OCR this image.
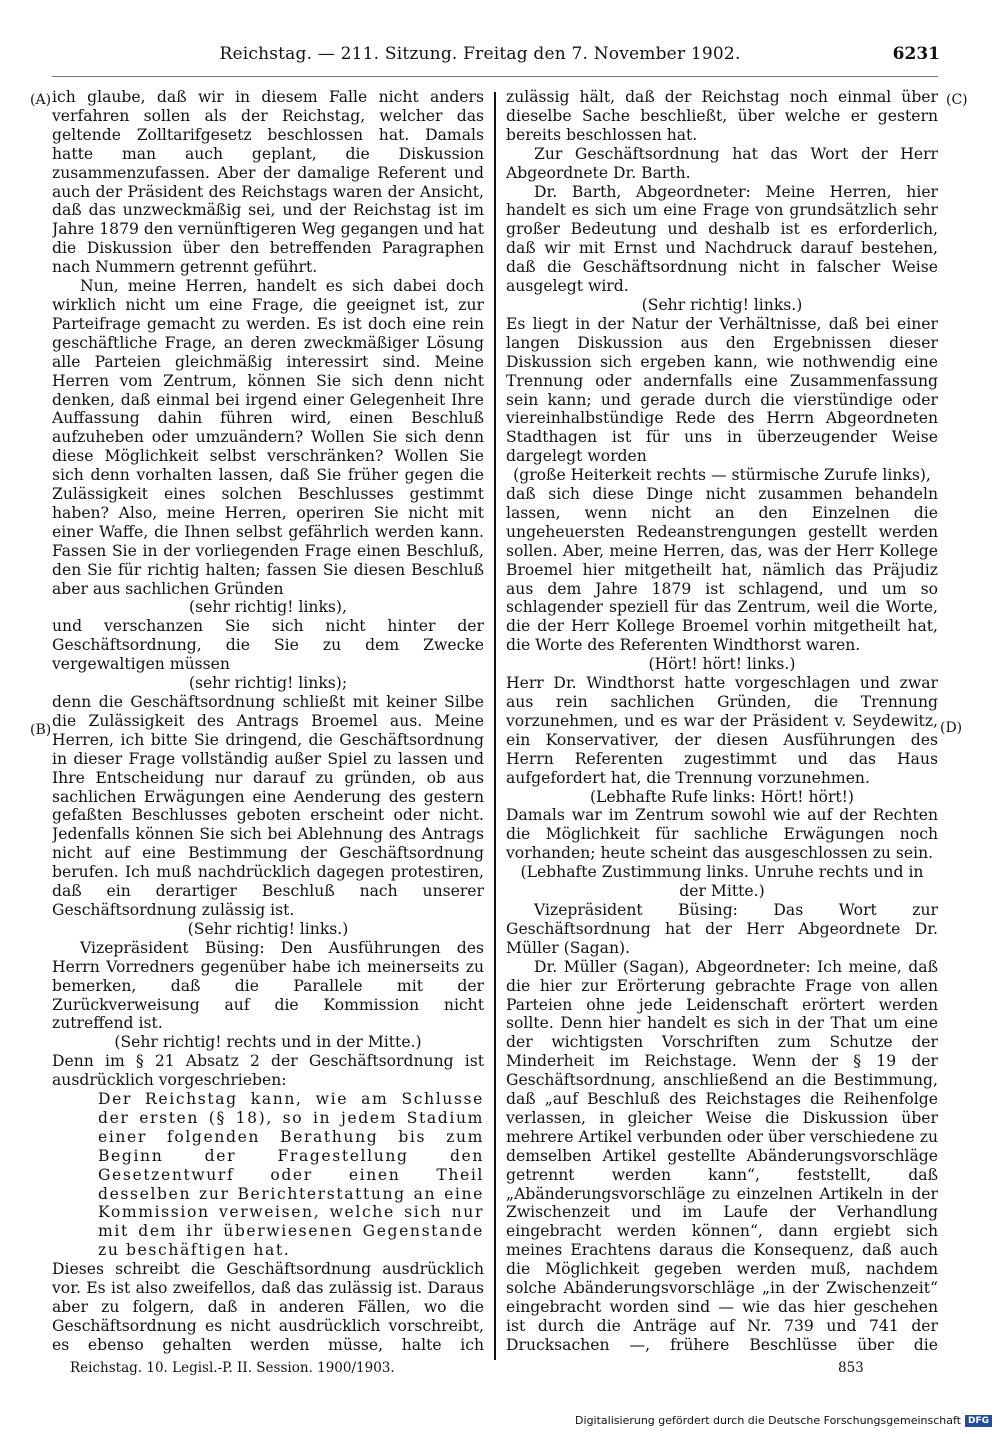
Reichstag. — 211. Sitzung. Freitag den 7. November 1902.	6231
(A)
(B)
(C)
(D)

ich glaube, daß wir in diesem Falle nicht anders verfahren sollen als der Reichstag, welcher das geltende Zolltarifgesetz beschlossen hat. Damals hatte man auch geplant, die Diskussion zusammenzufassen. Aber der damalige Referent und auch der Präsident des Reichstags waren der Ansicht, daß das unzweckmäßig sei, und der Reichstag ist im Jahre 1879 den vernünftigeren Weg gegangen und hat die Diskussion über den betreffenden Paragraphen nach Nummern getrennt geführt.

Nun, meine Herren, handelt es sich dabei doch wirklich nicht um eine Frage, die geeignet ist, zur Parteifrage gemacht zu werden. Es ist doch eine rein geschäftliche Frage, an deren zweckmäßiger Lösung alle Parteien gleichmäßig interessirt sind. Meine Herren vom Zentrum, können Sie sich denn nicht denken, daß einmal bei irgend einer Gelegenheit Ihre Auffassung dahin führen wird, einen Beschluß aufzuheben oder umzuändern? Wollen Sie sich denn diese Möglichkeit selbst verschränken? Wollen Sie sich denn vorhalten lassen, daß Sie früher gegen die Zulässigkeit eines solchen Beschlusses gestimmt haben? Also, meine Herren, operiren Sie nicht mit einer Waffe, die Ihnen selbst gefährlich werden kann. Fassen Sie in der vorliegenden Frage einen Beschluß, den Sie für richtig halten; fassen Sie diesen Beschluß aber aus sachlichen Gründen

(sehr richtig! links),

und verschanzen Sie sich nicht hinter der Geschäftsordnung, die Sie zu dem Zwecke vergewaltigen müssen

(sehr richtig! links);

denn die Geschäftsordnung schließt mit keiner Silbe die Zulässigkeit des Antrags Broemel aus. Meine Herren, ich bitte Sie dringend, die Geschäftsordnung in dieser Frage vollständig außer Spiel zu lassen und Ihre Entscheidung nur darauf zu gründen, ob aus sachlichen Erwägungen eine Aenderung des gestern gefaßten Beschlusses geboten erscheint oder nicht. Jedenfalls können Sie sich bei Ablehnung des Antrags nicht auf eine Bestimmung der Geschäftsordnung berufen. Ich muß nachdrücklich dagegen protestiren, daß ein derartiger Beschluß nach unserer Geschäftsordnung zulässig ist.

(Sehr richtig! links.)

Vizepräsident Büsing: Den Ausführungen des Herrn Vorredners gegenüber habe ich meinerseits zu bemerken, daß die Parallele mit der Zurückverweisung auf die Kommission nicht zutreffend ist.

(Sehr richtig! rechts und in der Mitte.)

Denn im § 21 Absatz 2 der Geschäftsordnung ist ausdrücklich vorgeschrieben:

Der Reichstag kann, wie am Schlusse der ersten (§ 18), so in jedem Stadium einer folgenden Berathung bis zum Beginn der Fragestellung den Gesetzentwurf oder einen Theil desselben zur Berichterstattung an eine Kommission verweisen, welche sich nur mit dem ihr überwiesenen Gegenstande zu beschäftigen hat.

Dieses schreibt die Geschäftsordnung ausdrücklich vor. Es ist also zweifellos, daß das zulässig ist. Daraus aber zu folgern, daß in anderen Fällen, wo die Geschäftsordnung es nicht ausdrücklich vorschreibt, es ebenso gehalten werden müsse, halte ich

zulässig hält, daß der Reichstag noch einmal über dieselbe Sache beschließt, über welche er gestern bereits beschlossen hat.

Zur Geschäftsordnung hat das Wort der Herr Abgeordnete Dr. Barth.

Dr. Barth, Abgeordneter: Meine Herren, hier handelt es sich um eine Frage von grundsätzlich sehr großer Bedeutung und deshalb ist es erforderlich, daß wir mit Ernst und Nachdruck darauf bestehen, daß die Geschäftsordnung nicht in falscher Weise ausgelegt wird.

(Sehr richtig! links.)

Es liegt in der Natur der Verhältnisse, daß bei einer langen Diskussion aus den Ergebnissen dieser Diskussion sich ergeben kann, wie nothwendig eine Trennung oder andernfalls eine Zusammenfassung sein kann; und gerade durch die vierstündige oder viereinhalbstündige Rede des Herrn Abgeordneten Stadthagen ist für uns in überzeugender Weise dargelegt worden

(große Heiterkeit rechts — stürmische Zurufe links),

daß sich diese Dinge nicht zusammen behandeln lassen, wenn nicht an den Einzelnen die ungeheuersten Redeanstrengungen gestellt werden sollen. Aber, meine Herren, das, was der Herr Kollege Broemel hier mitgetheilt hat, nämlich das Präjudiz aus dem Jahre 1879 ist schlagend, und um so schlagender speziell für das Zentrum, weil die Worte, die der Herr Kollege Broemel vorhin mitgetheilt hat, die Worte des Referenten Windthorst waren.

(Hört! hört! links.)

Herr Dr. Windthorst hatte vorgeschlagen und zwar aus rein sachlichen Gründen, die Trennung vorzunehmen, und es war der Präsident v. Seydewitz, ein Konservativer, der diesen Ausführungen des Herrn Referenten zugestimmt und das Haus aufgefordert hat, die Trennung vorzunehmen.

(Lebhafte Rufe links: Hört! hört!)

Damals war im Zentrum sowohl wie auf der Rechten die Möglichkeit für sachliche Erwägungen noch vorhanden; heute scheint das ausgeschlossen zu sein.

(Lebhafte Zustimmung links. Unruhe rechts und in der Mitte.)

Vizepräsident Büsing: Das Wort zur Geschäftsordnung hat der Herr Abgeordnete Dr. Müller (Sagan).

Dr. Müller (Sagan), Abgeordneter: Ich meine, daß die hier zur Erörterung gebrachte Frage von allen Parteien ohne jede Leidenschaft erörtert werden sollte. Denn hier handelt es sich in der That um eine der wichtigsten Vorschriften zum Schutze der Minderheit im Reichstage. Wenn der § 19 der Geschäftsordnung, anschließend an die Bestimmung, daß „auf Beschluß des Reichstages die Reihenfolge verlassen, in gleicher Weise die Diskussion über mehrere Artikel verbunden oder über verschiedene zu demselben Artikel gestellte Abänderungsvorschläge getrennt werden kann“, feststellt, daß „Abänderungsvorschläge zu einzelnen Artikeln in der Zwischenzeit und im Laufe der Verhandlung eingebracht werden können“, dann ergiebt sich meines Erachtens daraus die Konsequenz, daß auch die Möglichkeit gegeben werden muß, nachdem solche Abänderungsvorschläge „in der Zwischenzeit“ eingebracht worden sind — wie das hier geschehen ist durch die Anträge auf Nr. 739 und 741 der Drucksachen —, frühere Beschlüsse über die

Reichstag. 10. Legisl.-P. II. Session. 1900/1903.	853
Digitalisierung gefördert durch die Deutsche Forschungsgemeinschaft DFG
